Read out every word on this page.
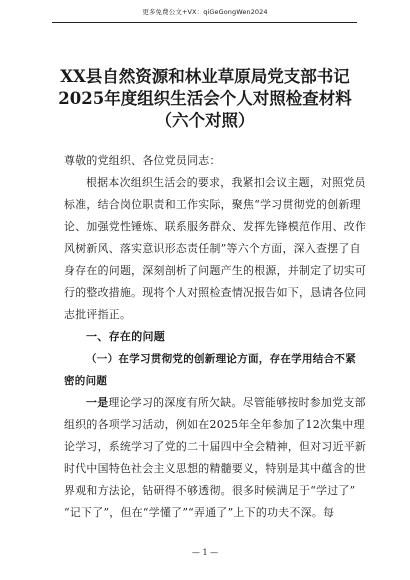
更多免费公文+VX：qiGeGongWen2024
XX县自然资源和林业草原局党支部书记
2025年度组织生活会个人对照检查材料
（六个对照）
尊敬的党组织、各位党员同志：
根据本次组织生活会的要求，我紧扣会议主题，对照党员
标准，结合岗位职责和工作实际，聚焦“学习贯彻党的创新理
论、加强党性锤炼、联系服务群众、发挥先锋模范作用、改作
风树新风、落实意识形态责任制”等六个方面，深入查摆了自
身存在的问题，深刻剖析了问题产生的根源，并制定了切实可
行的整改措施。现将个人对照检查情况报告如下，恳请各位同
志批评指正。
一、存在的问题
（一）在学习贯彻党的创新理论方面，存在学用结合不紧
密的问题
一是理论学习的深度有所欠缺。尽管能够按时参加党支部
组织的各项学习活动，例如在2025年全年参加了12次集中理
论学习，系统学习了党的二十届四中全会精神，但对习近平新
时代中国特色社会主义思想的精髓要义，特别是其中蕴含的世
界观和方法论，钻研得不够透彻。很多时候满足于“学过了”
“记下了”，但在“学懂了”“弄通了”上下的功夫不深。每
— 1 —
